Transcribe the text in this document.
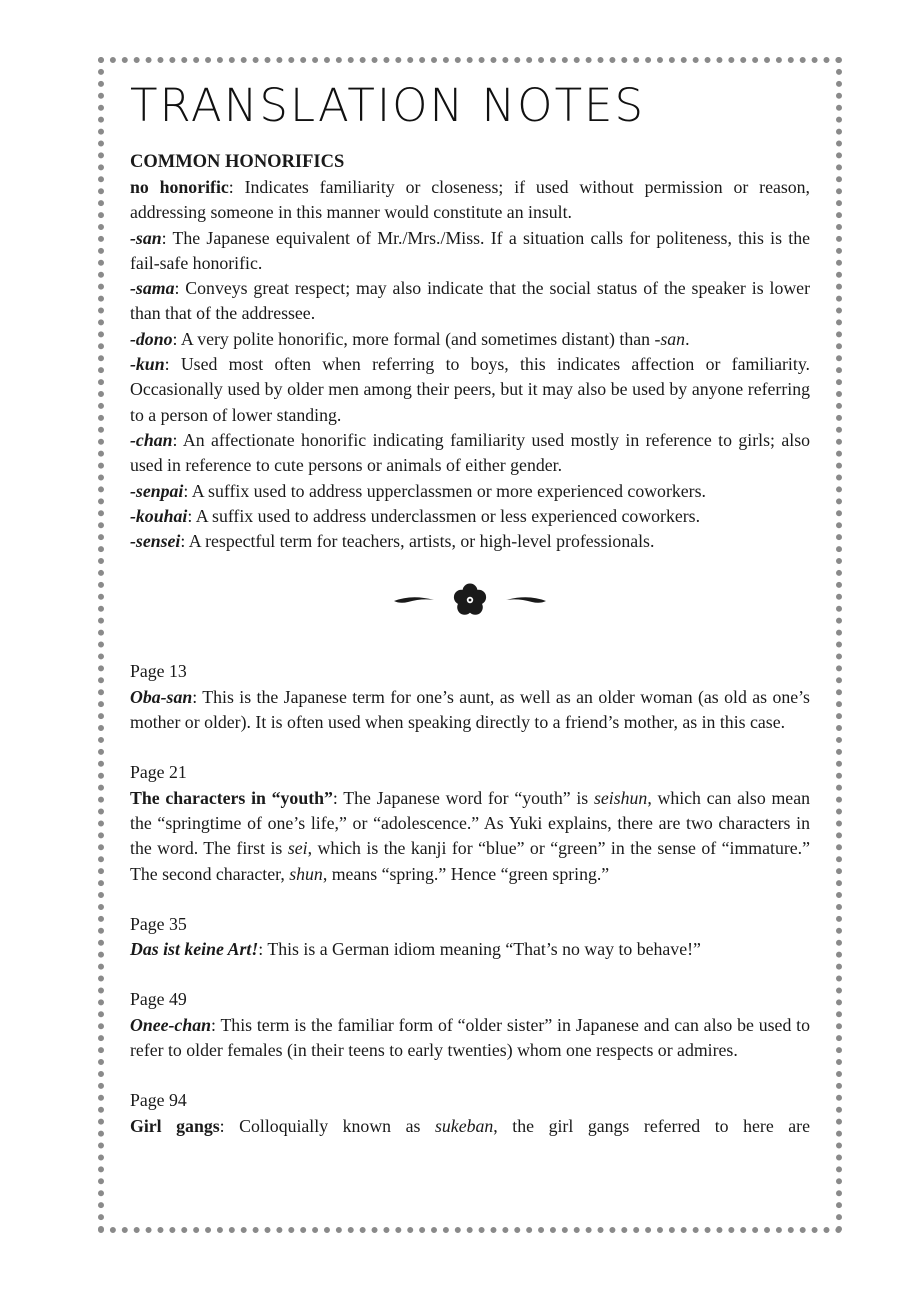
TRANSLATION NOTES
COMMON HONORIFICS

no honorific: Indicates familiarity or closeness; if used without permission or reason, addressing someone in this manner would constitute an insult.

-san: The Japanese equivalent of Mr./Mrs./Miss. If a situation calls for politeness, this is the fail-safe honorific.

-sama: Conveys great respect; may also indicate that the social status of the speaker is lower than that of the addressee.

-dono: A very polite honorific, more formal (and sometimes distant) than -san.

-kun: Used most often when referring to boys, this indicates affection or familiarity. Occasionally used by older men among their peers, but it may also be used by anyone referring to a person of lower standing.

-chan: An affectionate honorific indicating familiarity used mostly in reference to girls; also used in reference to cute persons or animals of either gender.

-senpai: A suffix used to address upperclassmen or more experienced coworkers.

-kouhai: A suffix used to address underclassmen or less experienced coworkers.

-sensei: A respectful term for teachers, artists, or high-level professionals.

Page 13

Oba-san: This is the Japanese term for one’s aunt, as well as an older woman (as old as one’s mother or older). It is often used when speaking directly to a friend’s mother, as in this case.

Page 21

The characters in “youth”: The Japanese word for “youth” is seishun, which can also mean the “springtime of one’s life,” or “adolescence.” As Yuki explains, there are two characters in the word. The first is sei, which is the kanji for “blue” or “green” in the sense of “immature.” The second character, shun, means “spring.” Hence “green spring.”

Page 35

Das ist keine Art!: This is a German idiom meaning “That’s no way to behave!”

Page 49

Onee-chan: This term is the familiar form of “older sister” in Japanese and can also be used to refer to older females (in their teens to early twenties) whom one respects or admires.

Page 94

Girl gangs: Colloquially known as sukeban, the girl gangs referred to here are
